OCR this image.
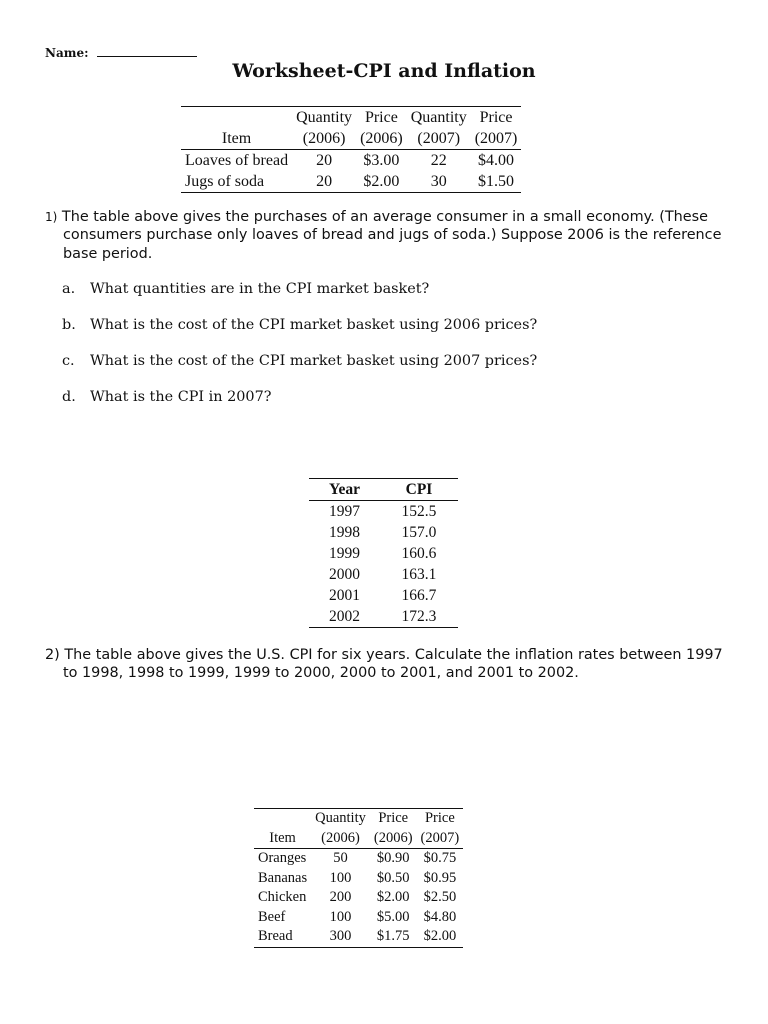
Name:
Worksheet-CPI and Inflation
	Quantity	Price	Quantity	Price
Item	(2006)	(2006)	(2007)	(2007)
Loaves of bread	20	$3.00	22	$4.00
Jugs of soda	20	$2.00	30	$1.50
1) The table above gives the purchases of an average consumer in a small economy. (These consumers purchase only loaves of bread and jugs of soda.) Suppose 2006 is the reference base period.
a. What quantities are in the CPI market basket?
b. What is the cost of the CPI market basket using 2006 prices?
c. What is the cost of the CPI market basket using 2007 prices?
d. What is the CPI in 2007?
Year	CPI
1997	152.5
1998	157.0
1999	160.6
2000	163.1
2001	166.7
2002	172.3
2) The table above gives the U.S. CPI for six years. Calculate the inflation rates between 1997 to 1998, 1998 to 1999, 1999 to 2000, 2000 to 2001, and 2001 to 2002.
	Quantity	Price	Price
Item	(2006)	(2006)	(2007)
Oranges	50	$0.90	$0.75
Bananas	100	$0.50	$0.95
Chicken	200	$2.00	$2.50
Beef	100	$5.00	$4.80
Bread	300	$1.75	$2.00
